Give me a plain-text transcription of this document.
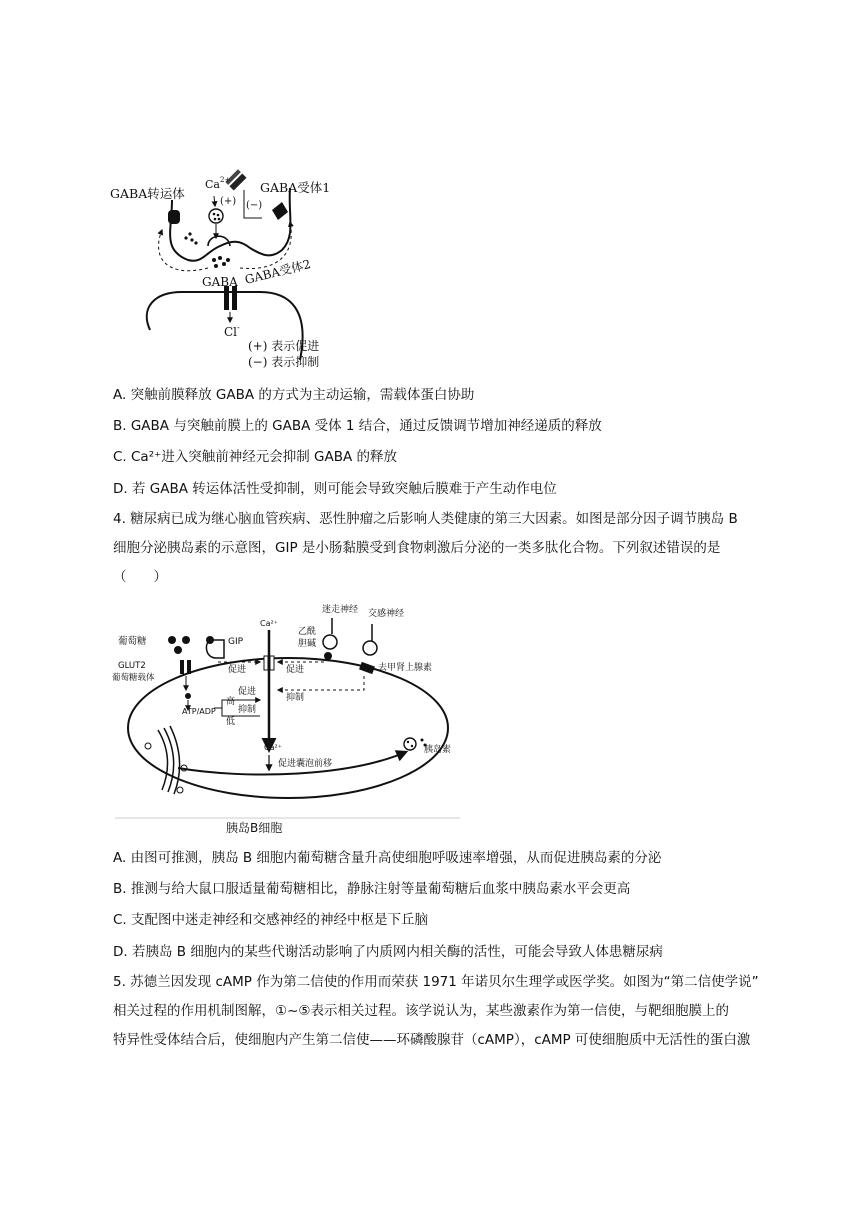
GABA转运体
Ca 2+
(+) (−)
GABA受体1
GABA GABA受体2
Cl -
(+) 表示促进
(−) 表示抑制
A. 突触前膜释放 GABA 的方式为主动运输，需载体蛋白协助
B. GABA 与突触前膜上的 GABA 受体 1 结合，通过反馈调节增加神经递质的释放
C. Ca²⁺进入突触前神经元会抑制 GABA 的释放
D. 若 GABA 转运体活性受抑制，则可能会导致突触后膜难于产生动作电位
4. 糖尿病已成为继心脑血管疾病、恶性肿瘤之后影响人类健康的第三大因素。如图是部分因子调节胰岛 B
细胞分泌胰岛素的示意图，GIP 是小肠黏膜受到食物刺激后分泌的一类多肽化合物。下列叙述错误的是
（　　）
葡萄糖
GLUT2
葡萄糖载体
GIP
Ca²⁺
迷走神经
乙酰
胆碱
交感神经
去甲肾上腺素
促进	促进
抑制
ATP/ADP
促进
高
抑制
低
Ca²⁺
促进囊泡前移
胰岛素
胰岛B细胞
A. 由图可推测，胰岛 B 细胞内葡萄糖含量升高使细胞呼吸速率增强，从而促进胰岛素的分泌
B. 推测与给大鼠口服适量葡萄糖相比，静脉注射等量葡萄糖后血浆中胰岛素水平会更高
C. 支配图中迷走神经和交感神经的神经中枢是下丘脑
D. 若胰岛 B 细胞内的某些代谢活动影响了内质网内相关酶的活性，可能会导致人体患糖尿病
5. 苏德兰因发现 cAMP 作为第二信使的作用而荣获 1971 年诺贝尔生理学或医学奖。如图为“第二信使学说”
相关过程的作用机制图解，①~⑤表示相关过程。该学说认为，某些激素作为第一信使，与靶细胞膜上的
特异性受体结合后，使细胞内产生第二信使——环磷酸腺苷（cAMP），cAMP 可使细胞质中无活性的蛋白激
